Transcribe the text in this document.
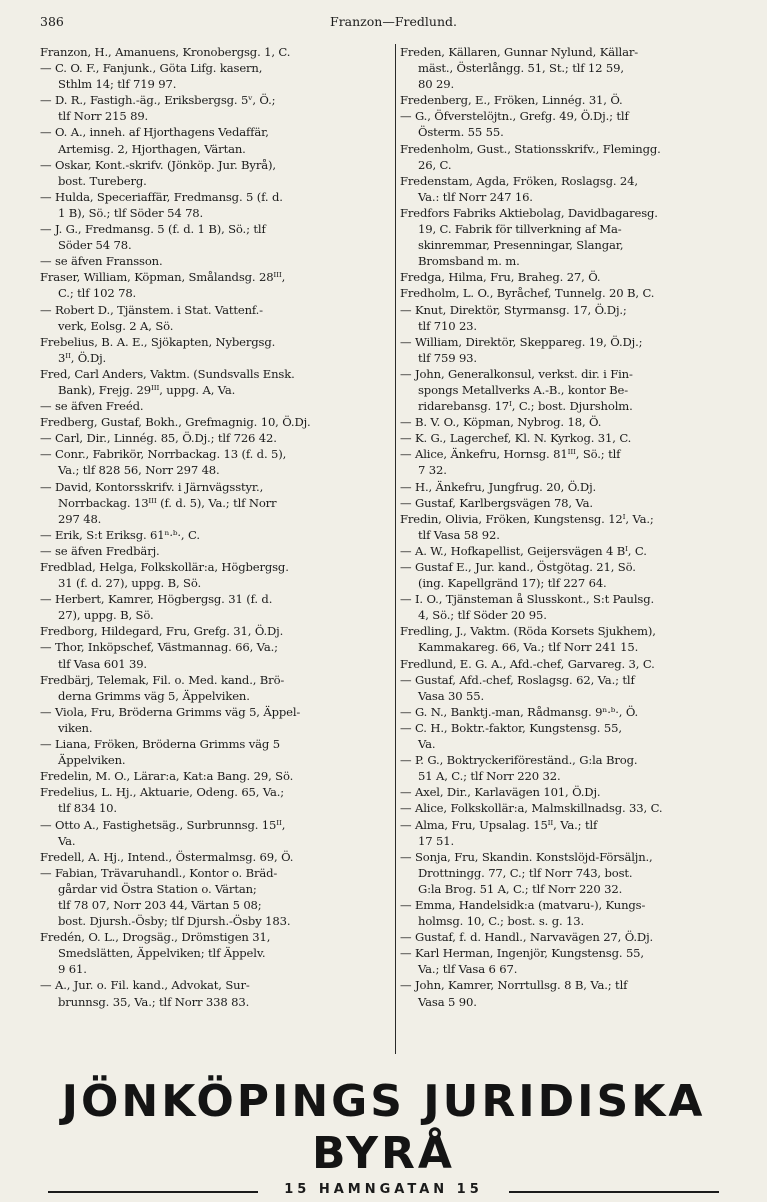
386	Franzon—Fredlund.
Franzon, H., Amanuens, Kronobergsg. 1, C.
— C. O. F., Fanjunk., Göta Lifg. kasern,
Sthlm 14; tlf 719 97.
— D. R., Fastigh.-äg., Eriksbergsg. 5ᵛ, Ö.;
tlf Norr 215 89.
— O. A., inneh. af Hjorthagens Vedaffär,
Artemisg. 2, Hjorthagen, Värtan.
— Oskar, Kont.-skrifv. (Jönköp. Jur. Byrå),
bost. Tureberg.
— Hulda, Speceriaffär, Fredmansg. 5 (f. d.
1 B), Sö.; tlf Söder 54 78.
— J. G., Fredmansg. 5 (f. d. 1 B), Sö.; tlf
Söder 54 78.
— se äfven Fransson.
Fraser, William, Köpman, Smålandsg. 28ᴵᴵᴵ,
C.; tlf 102 78.
— Robert D., Tjänstem. i Stat. Vattenf.-
verk, Eolsg. 2 A, Sö.
Frebelius, B. A. E., Sjökapten, Nybergsg.
3ᴵᴵ, Ö.Dj.
Fred, Carl Anders, Vaktm. (Sundsvalls Ensk.
Bank), Frejg. 29ᴵᴵᴵ, uppg. A, Va.
— se äfven Freéd.
Fredberg, Gustaf, Bokh., Grefmagnig. 10, Ö.Dj.
— Carl, Dir., Linnég. 85, Ö.Dj.; tlf 726 42.
— Conr., Fabrikör, Norrbackag. 13 (f. d. 5),
Va.; tlf 828 56, Norr 297 48.
— David, Kontorsskrifv. i Järnvägsstyr.,
Norrbackag. 13ᴵᴵᴵ (f. d. 5), Va.; tlf Norr
297 48.
— Erik, S:t Eriksg. 61ⁿ·ᵇ·, C.
— se äfven Fredbärj.
Fredblad, Helga, Folkskollär:a, Högbergsg.
31 (f. d. 27), uppg. B, Sö.
— Herbert, Kamrer, Högbergsg. 31 (f. d.
27), uppg. B, Sö.
Fredborg, Hildegard, Fru, Grefg. 31, Ö.Dj.
— Thor, Inköpschef, Västmannag. 66, Va.;
tlf Vasa 601 39.
Fredbärj, Telemak, Fil. o. Med. kand., Brö-
derna Grimms väg 5, Äppelviken.
— Viola, Fru, Bröderna Grimms väg 5, Äppel-
viken.
— Liana, Fröken, Bröderna Grimms väg 5
Äppelviken.
Fredelin, M. O., Lärar:a, Kat:a Bang. 29, Sö.
Fredelius, L. Hj., Aktuarie, Odeng. 65, Va.;
tlf 834 10.
— Otto A., Fastighetsäg., Surbrunnsg. 15ᴵᴵ,
Va.
Fredell, A. Hj., Intend., Östermalmsg. 69, Ö.
— Fabian, Trävaruhandl., Kontor o. Bräd-
gårdar vid Östra Station o. Värtan;
tlf 78 07, Norr 203 44, Värtan 5 08;
bost. Djursh.-Ösby; tlf Djursh.-Ösby 183.
Fredén, O. L., Drogsäg., Drömstigen 31,
Smedslätten, Äppelviken; tlf Äppelv.
9 61.
— A., Jur. o. Fil. kand., Advokat, Sur-
brunnsg. 35, Va.; tlf Norr 338 83.
Freden, Källaren, Gunnar Nylund, Källar-
mäst., Österlångg. 51, St.; tlf 12 59,
80 29.
Fredenberg, E., Fröken, Linnég. 31, Ö.
— G., Öfverstelöjtn., Grefg. 49, Ö.Dj.; tlf
Österm. 55 55.
Fredenholm, Gust., Stationsskrifv., Flemingg.
26, C.
Fredenstam, Agda, Fröken, Roslagsg. 24,
Va.: tlf Norr 247 16.
Fredfors Fabriks Aktiebolag, Davidbagaresg.
19, C. Fabrik för tillverkning af Ma-
skinremmar, Presenningar, Slangar,
Bromsband m. m.
Fredga, Hilma, Fru, Braheg. 27, Ö.
Fredholm, L. O., Byråchef, Tunnelg. 20 B, C.
— Knut, Direktör, Styrmansg. 17, Ö.Dj.;
tlf 710 23.
— William, Direktör, Skeppareg. 19, Ö.Dj.;
tlf 759 93.
— John, Generalkonsul, verkst. dir. i Fin-
spongs Metallverks A.-B., kontor Be-
ridarebansg. 17ᴵ, C.; bost. Djursholm.
— B. V. O., Köpman, Nybrog. 18, Ö.
— K. G., Lagerchef, Kl. N. Kyrkog. 31, C.
— Alice, Änkefru, Hornsg. 81ᴵᴵᴵ, Sö.; tlf
7 32.
— H., Änkefru, Jungfrug. 20, Ö.Dj.
— Gustaf, Karlbergsvägen 78, Va.
Fredin, Olivia, Fröken, Kungstensg. 12ᴵ, Va.;
tlf Vasa 58 92.
— A. W., Hofkapellist, Geijersvägen 4 Bᴵ, C.
— Gustaf E., Jur. kand., Östgötag. 21, Sö.
(ing. Kapellgränd 17); tlf 227 64.
— I. O., Tjänsteman å Slusskont., S:t Paulsg.
4, Sö.; tlf Söder 20 95.
Fredling, J., Vaktm. (Röda Korsets Sjukhem),
Kammakareg. 66, Va.; tlf Norr 241 15.
Fredlund, E. G. A., Afd.-chef, Garvareg. 3, C.
— Gustaf, Afd.-chef, Roslagsg. 62, Va.; tlf
Vasa 30 55.
— G. N., Banktj.-man, Rådmansg. 9ⁿ·ᵇ·, Ö.
— C. H., Boktr.-faktor, Kungstensg. 55,
Va.
— P. G., Boktryckeriföreständ., G:la Brog.
51 A, C.; tlf Norr 220 32.
— Axel, Dir., Karlavägen 101, Ö.Dj.
— Alice, Folkskollär:a, Malmskillnadsg. 33, C.
— Alma, Fru, Upsalag. 15ᴵᴵ, Va.; tlf
17 51.
— Sonja, Fru, Skandin. Konstslöjd-Försäljn.,
Drottningg. 77, C.; tlf Norr 743, bost.
G:la Brog. 51 A, C.; tlf Norr 220 32.
— Emma, Handelsidk:a (matvaru-), Kungs-
holmsg. 10, C.; bost. s. g. 13.
— Gustaf, f. d. Handl., Narvavägen 27, Ö.Dj.
— Karl Herman, Ingenjör, Kungstensg. 55,
Va.; tlf Vasa 6 67.
— John, Kamrer, Norrtullsg. 8 B, Va.; tlf
Vasa 5 90.
JÖNKÖPINGS JURIDISKA BYRÅ
15 HAMNGATAN 15
